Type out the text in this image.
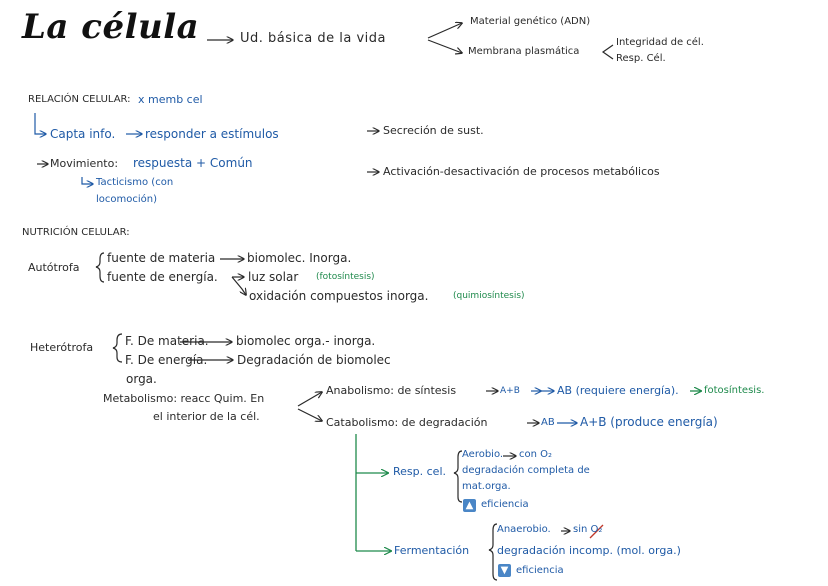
La célula	Ud. básica de la vida
Material genético (ADN)
Membrana plasmática
Integridad de cél.
Resp. Cél.
RELACIÓN CELULAR: x memb cel
Capta info. responder a estímulos
Movimiento: respuesta + Común
Tacticismo (con
locomoción)
Secreción de sust.
Activación-desactivación de procesos metabólicos
NUTRICIÓN CELULAR:
Autótrofa
fuente de materia	biomolec. Inorga.
fuente de energía.	luz solar (fotosíntesis)
oxidación compuestos inorga.	(quimiosíntesis)
Heterótrofa	F. De materia. biomolec orga.- inorga.
F. De energía. Degradación de biomolec
orga.
Metabolismo: reacc Quim. En
el interior de la cél.
Anabolismo: de síntesis	A+B	AB (requiere energía).	fotosíntesis.
Catabolismo: de degradación	AB A+B (produce energía)
Resp. cel.
Aerobio. con O₂
degradación completa de
mat.orga.
▲ eficiencia
Fermentación
Anaerobio. sin O₂
degradación incomp. (mol. orga.)
▼ eficiencia
